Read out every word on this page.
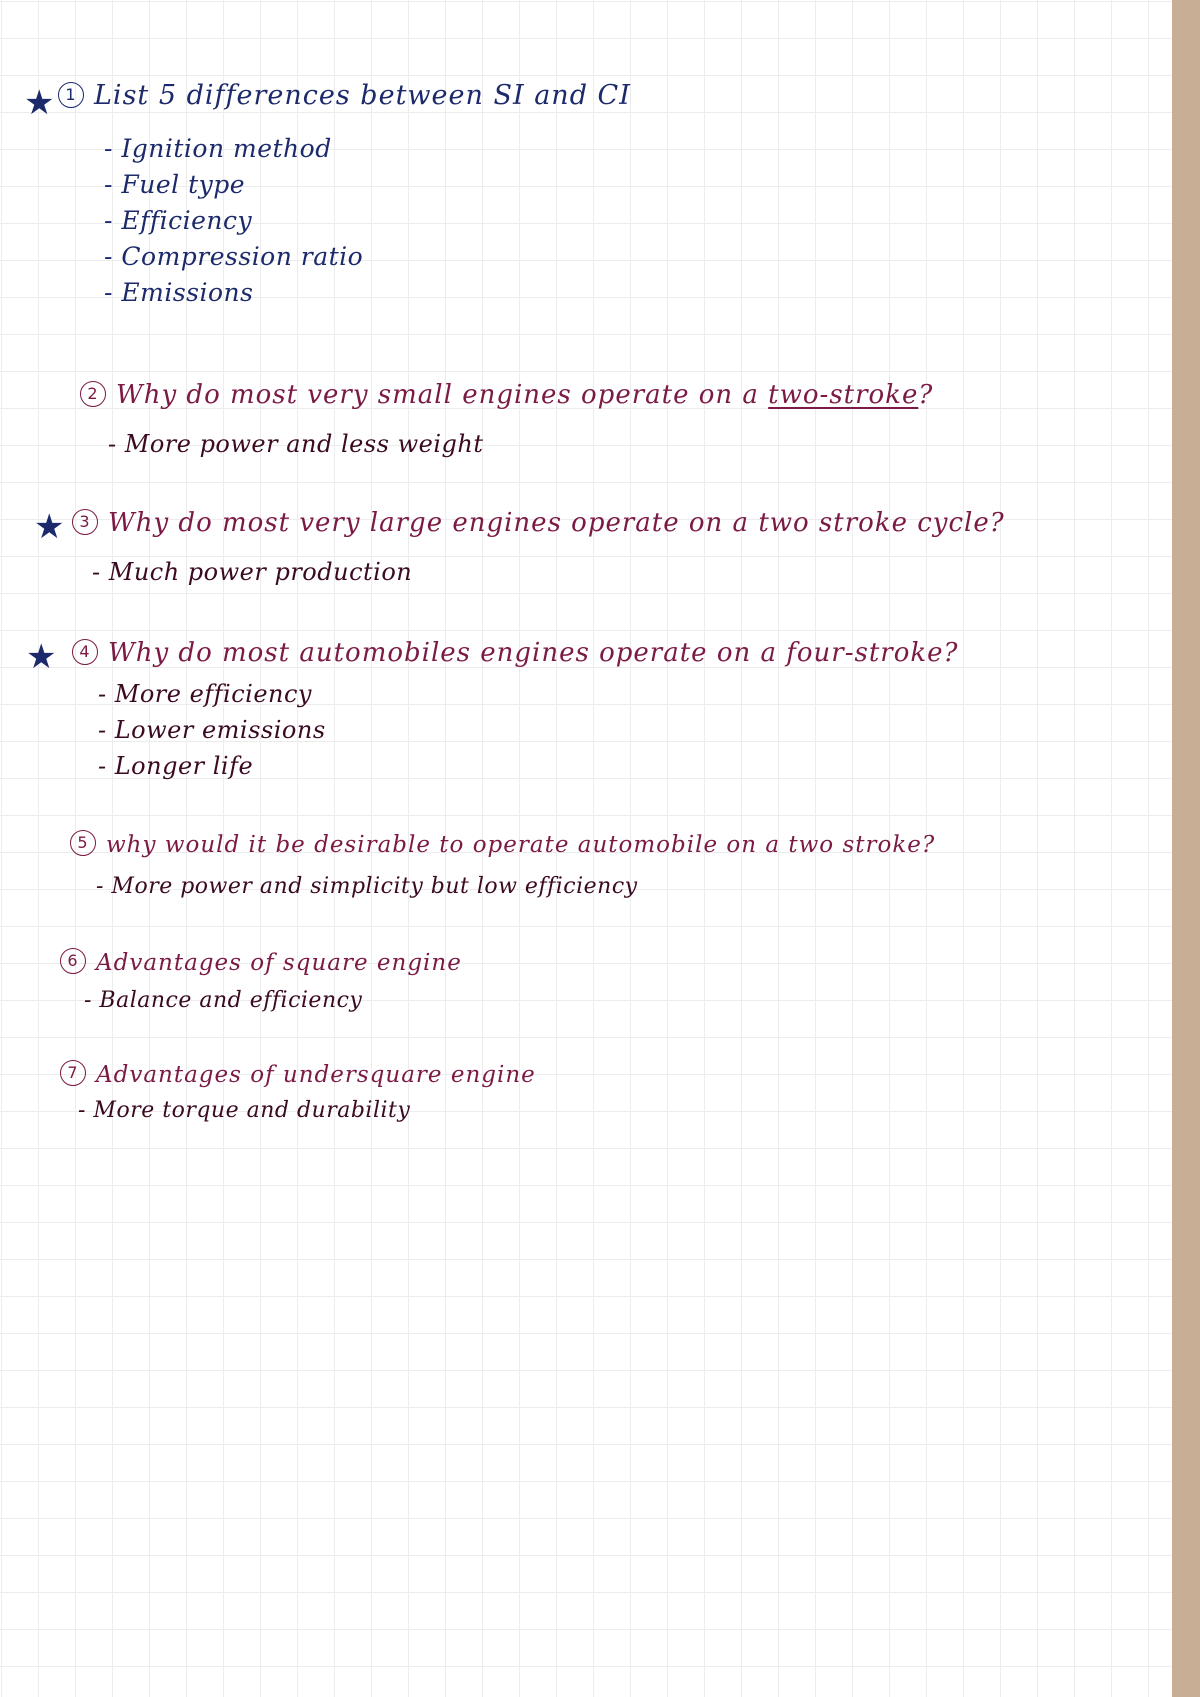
★ 1 List 5 differences between SI and CI
- Ignition method
- Fuel type
- Efficiency
- Compression ratio
- Emissions
2 Why do most very small engines operate on a two-stroke?
- More power and less weight
★ 3 Why do most very large engines operate on a two stroke cycle?
- Much power production
★	4 Why do most automobiles engines operate on a four-stroke?
- More efficiency
- Lower emissions
- Longer life
5 why would it be desirable to operate automobile on a two stroke?
- More power and simplicity but low efficiency
6 Advantages of square engine
- Balance and efficiency
7 Advantages of undersquare engine
- More torque and durability
